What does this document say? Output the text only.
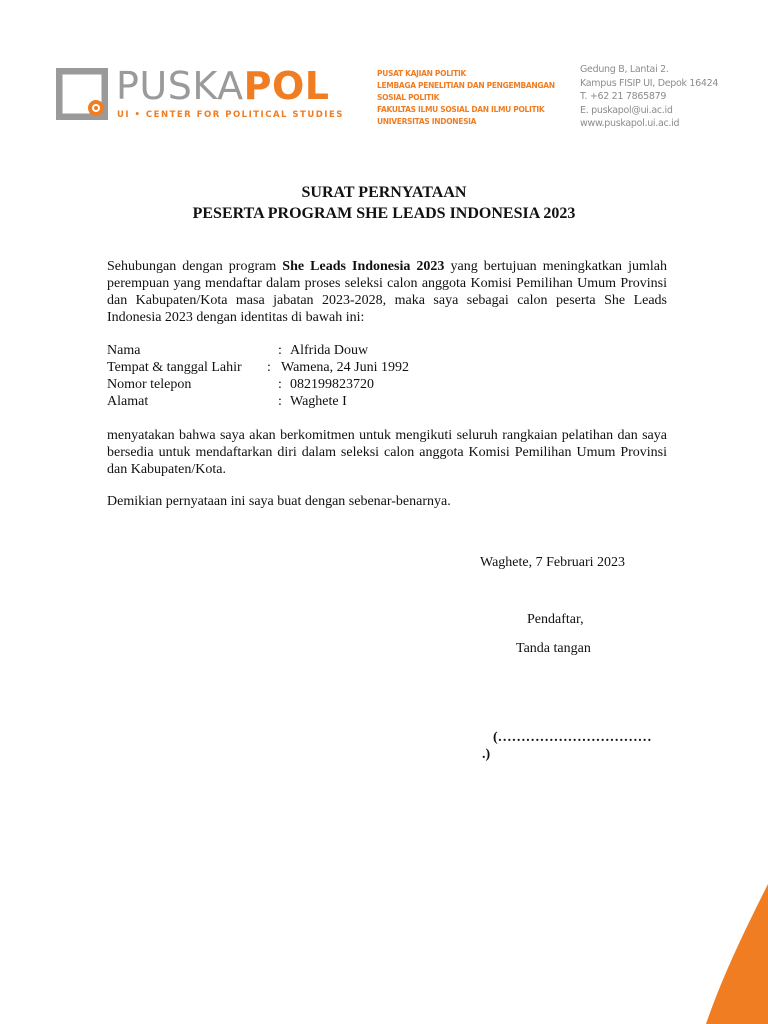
PUSKAPOL
UI • CENTER FOR POLITICAL STUDIES
PUSAT KAJIAN POLITIK
LEMBAGA PENELITIAN DAN PENGEMBANGAN
SOSIAL POLITIK
FAKULTAS ILMU SOSIAL DAN ILMU POLITIK
UNIVERSITAS INDONESIA
Gedung B, Lantai 2.
Kampus FISIP UI, Depok 16424
T. +62 21 7865879
E. puskapol@ui.ac.id
www.puskapol.ui.ac.id
SURAT PERNYATAAN
PESERTA PROGRAM SHE LEADS INDONESIA 2023
Sehubungan dengan program She Leads Indonesia 2023 yang bertujuan meningkatkan jumlah perempuan yang mendaftar dalam proses seleksi calon anggota Komisi Pemilihan Umum Provinsi dan Kabupaten/Kota masa jabatan 2023-2028, maka saya sebagai calon peserta She Leads Indonesia 2023 dengan identitas di bawah ini:
Nama	: Alfrida Douw
Tempat & tanggal Lahir : Wamena, 24 Juni 1992
Nomor telepon	: 082199823720
Alamat	: Waghete I
menyatakan bahwa saya akan berkomitmen untuk mengikuti seluruh rangkaian pelatihan dan saya bersedia untuk mendaftarkan diri dalam seleksi calon anggota Komisi Pemilihan Umum Provinsi dan Kabupaten/Kota.
Demikian pernyataan ini saya buat dengan sebenar-benarnya.
Waghete, 7 Februari 2023
Pendaftar,
Tanda tangan
(……………………………
.)
